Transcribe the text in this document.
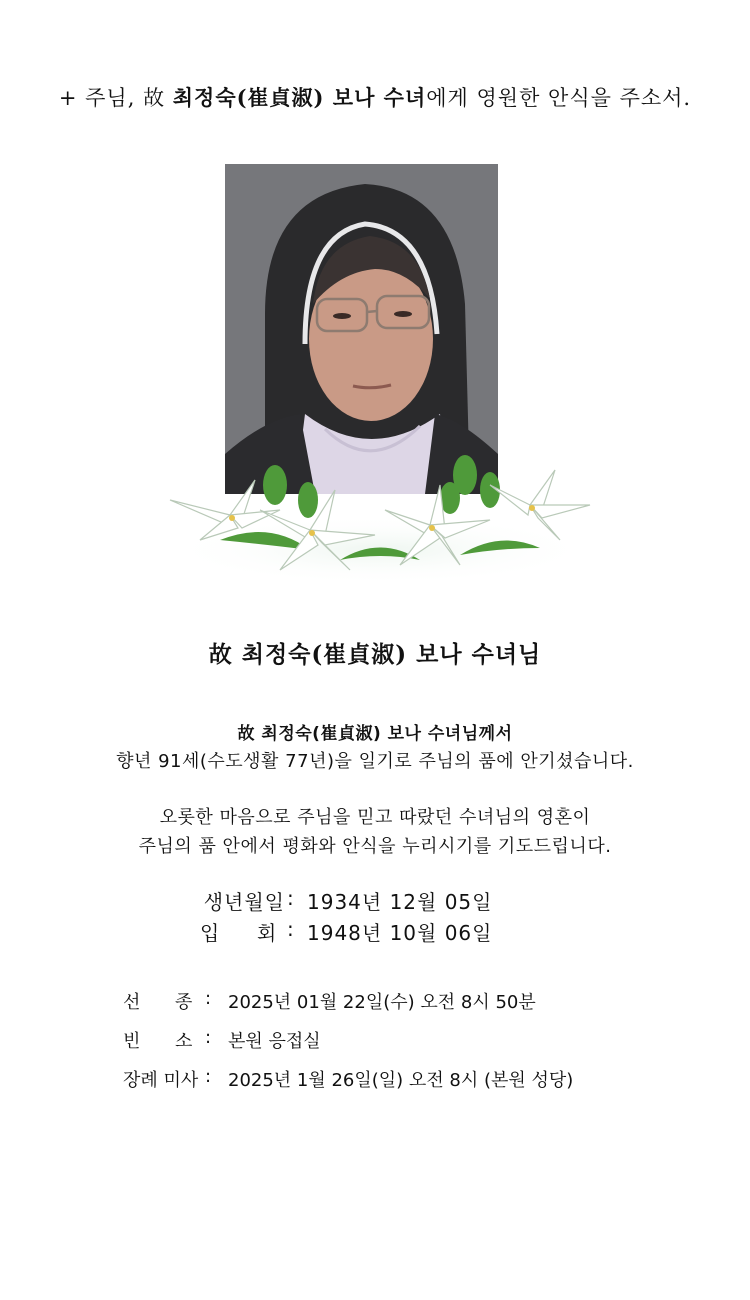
+ 주님, 故 최정숙(崔貞淑) 보나 수녀에게 영원한 안식을 주소서.
故 최정숙(崔貞淑) 보나 수녀님
故 최정숙(崔貞淑) 보나 수녀님께서
향년 91세(수도생활 77년)을 일기로 주님의 품에 안기셨습니다.
오롯한 마음으로 주님을 믿고 따랐던 수녀님의 영혼이
주님의 품 안에서 평화와 안식을 누리시기를 기도드립니다.
생년월일 : 1934년 12월 05일
입 회 : 1948년 10월 06일
선 종 : 2025년 01월 22일(수) 오전 8시 50분
빈 소 : 본원 응접실
장례 미사 : 2025년 1월 26일(일) 오전 8시 (본원 성당)
